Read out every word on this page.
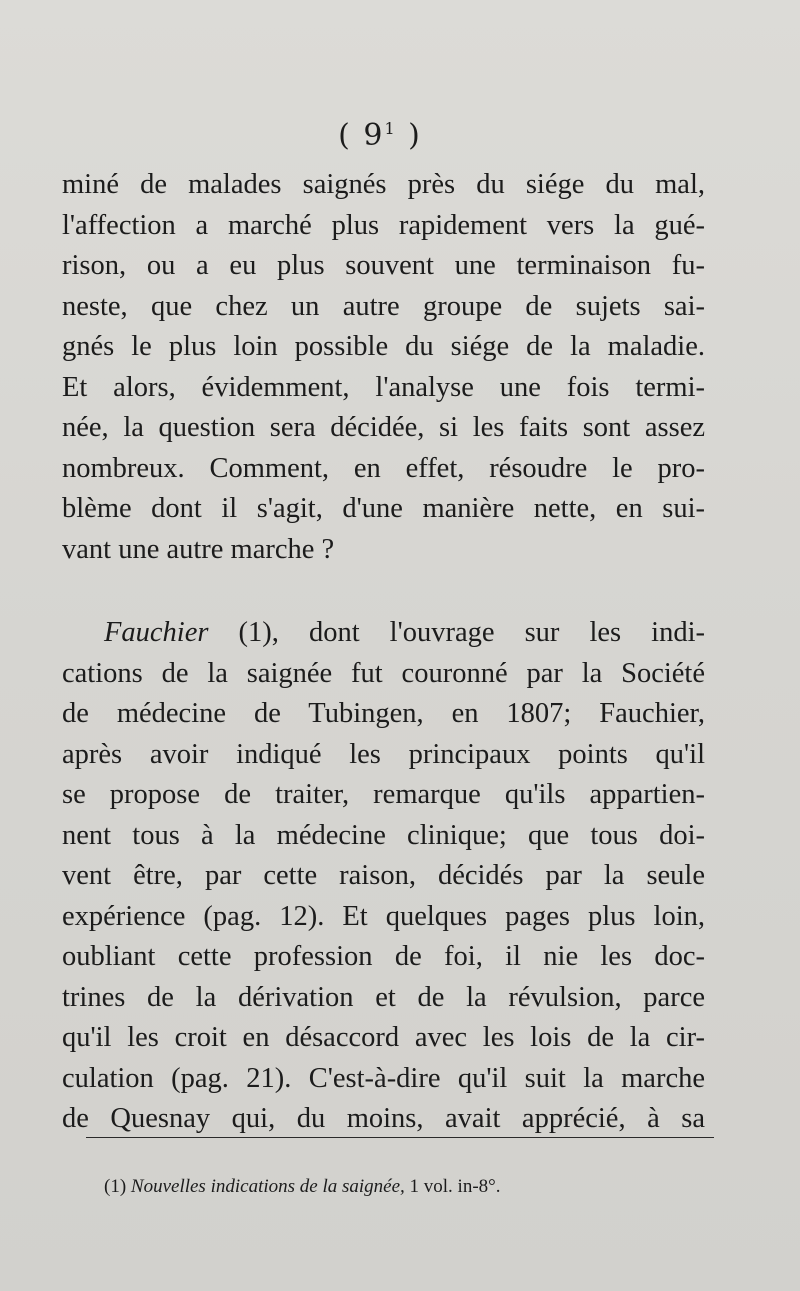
( $9^1$ )
miné de malades saignés près du siége du mal,
l'affection a marché plus rapidement vers la gué-
rison, ou a eu plus souvent une terminaison fu-
neste, que chez un autre groupe de sujets sai-
gnés le plus loin possible du siége de la maladie.
Et alors, évidemment, l'analyse une fois termi-
née, la question sera décidée, si les faits sont assez
nombreux. Comment, en effet, résoudre le pro-
blème dont il s'agit, d'une manière nette, en sui-
vant une autre marche ?
Fauchier (1), dont l'ouvrage sur les indi-
cations de la saignée fut couronné par la Société
de médecine de Tubingen, en 1807; Fauchier,
après avoir indiqué les principaux points qu'il
se propose de traiter, remarque qu'ils appartien-
nent tous à la médecine clinique; que tous doi-
vent être, par cette raison, décidés par la seule
expérience (pag. 12). Et quelques pages plus loin,
oubliant cette profession de foi, il nie les doc-
trines de la dérivation et de la révulsion, parce
qu'il les croit en désaccord avec les lois de la cir-
culation (pag. 21). C'est-à-dire qu'il suit la marche
de Quesnay qui, du moins, avait apprécié, à sa
(1) Nouvelles indications de la saignée, 1 vol. in-8°.
